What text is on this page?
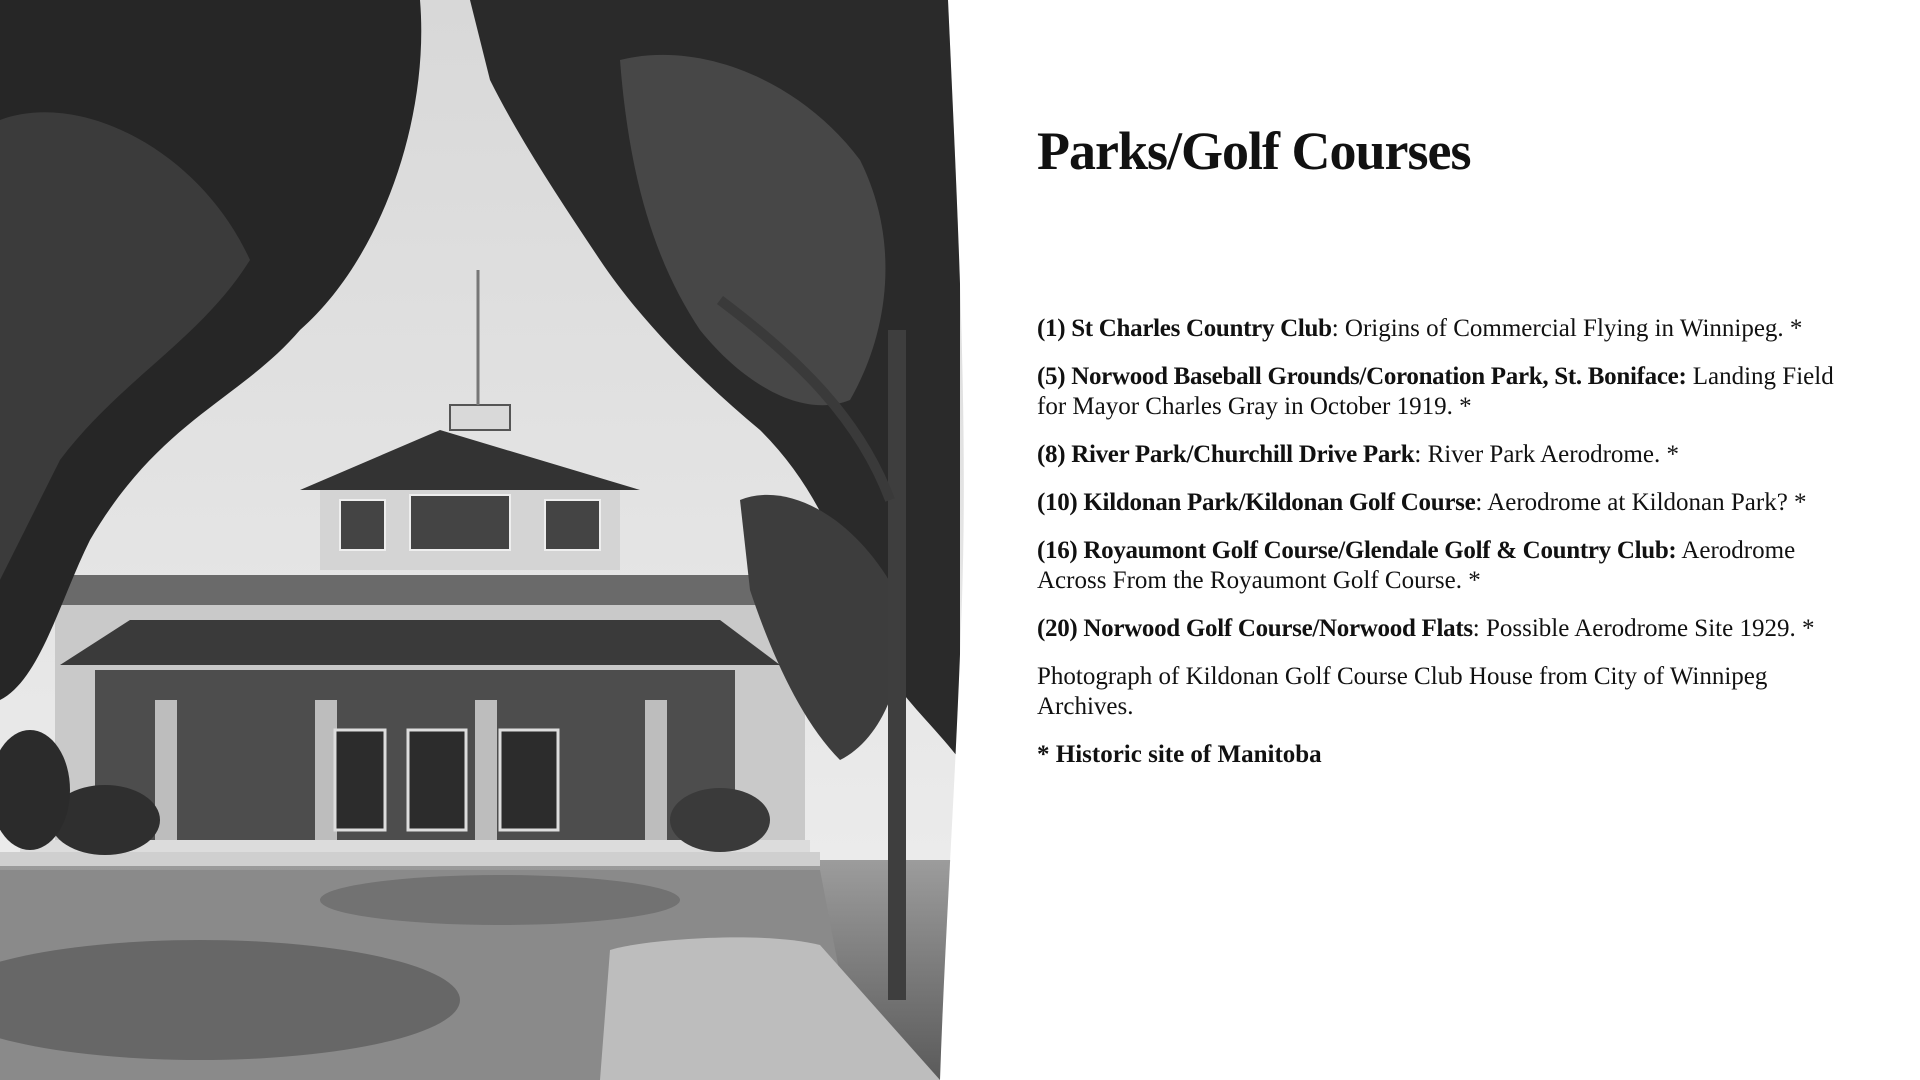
Parks/Golf Courses

(1) St Charles Country Club: Origins of Commercial Flying in Winnipeg. *

(5) Norwood Baseball Grounds/Coronation Park, St. Boniface: Landing Field for Mayor Charles Gray in October 1919. *

(8) River Park/Churchill Drive Park: River Park Aerodrome. *

(10) Kildonan Park/Kildonan Golf Course: Aerodrome at Kildonan Park? *

(16) Royaumont Golf Course/Glendale Golf & Country Club: Aerodrome Across From the Royaumont Golf Course. *

(20) Norwood Golf Course/Norwood Flats: Possible Aerodrome Site 1929. *

Photograph of Kildonan Golf Course Club House from City of Winnipeg Archives.

* Historic site of Manitoba
